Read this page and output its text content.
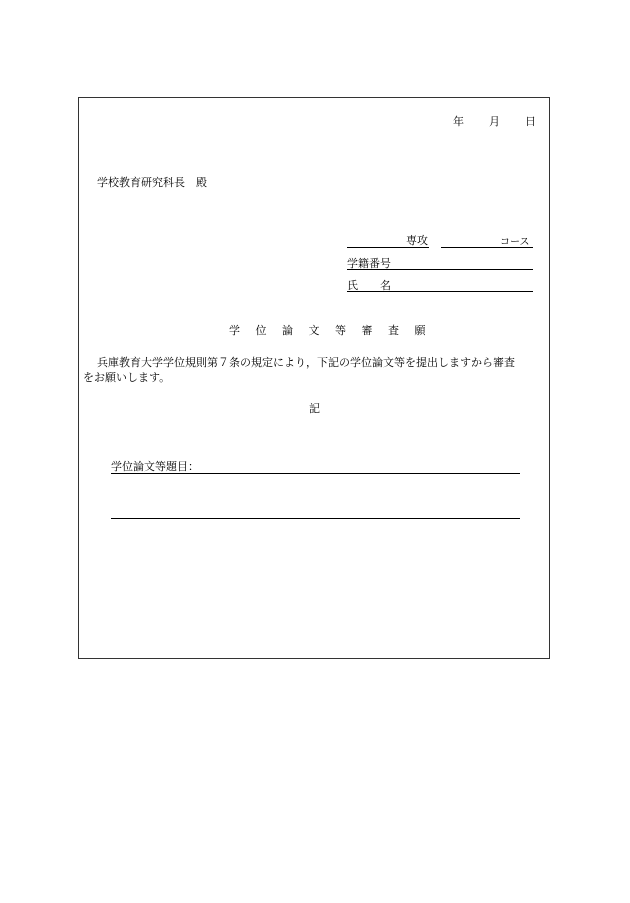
年 月 日
学校教育研究科長　殿
専攻	コース
学籍番号
氏　　名
学 位 論 文 等 審 査 願
兵庫教育大学学位規則第７条の規定により，下記の学位論文等を提出しますから審査
をお願いします。
記
学位論文等題目：
